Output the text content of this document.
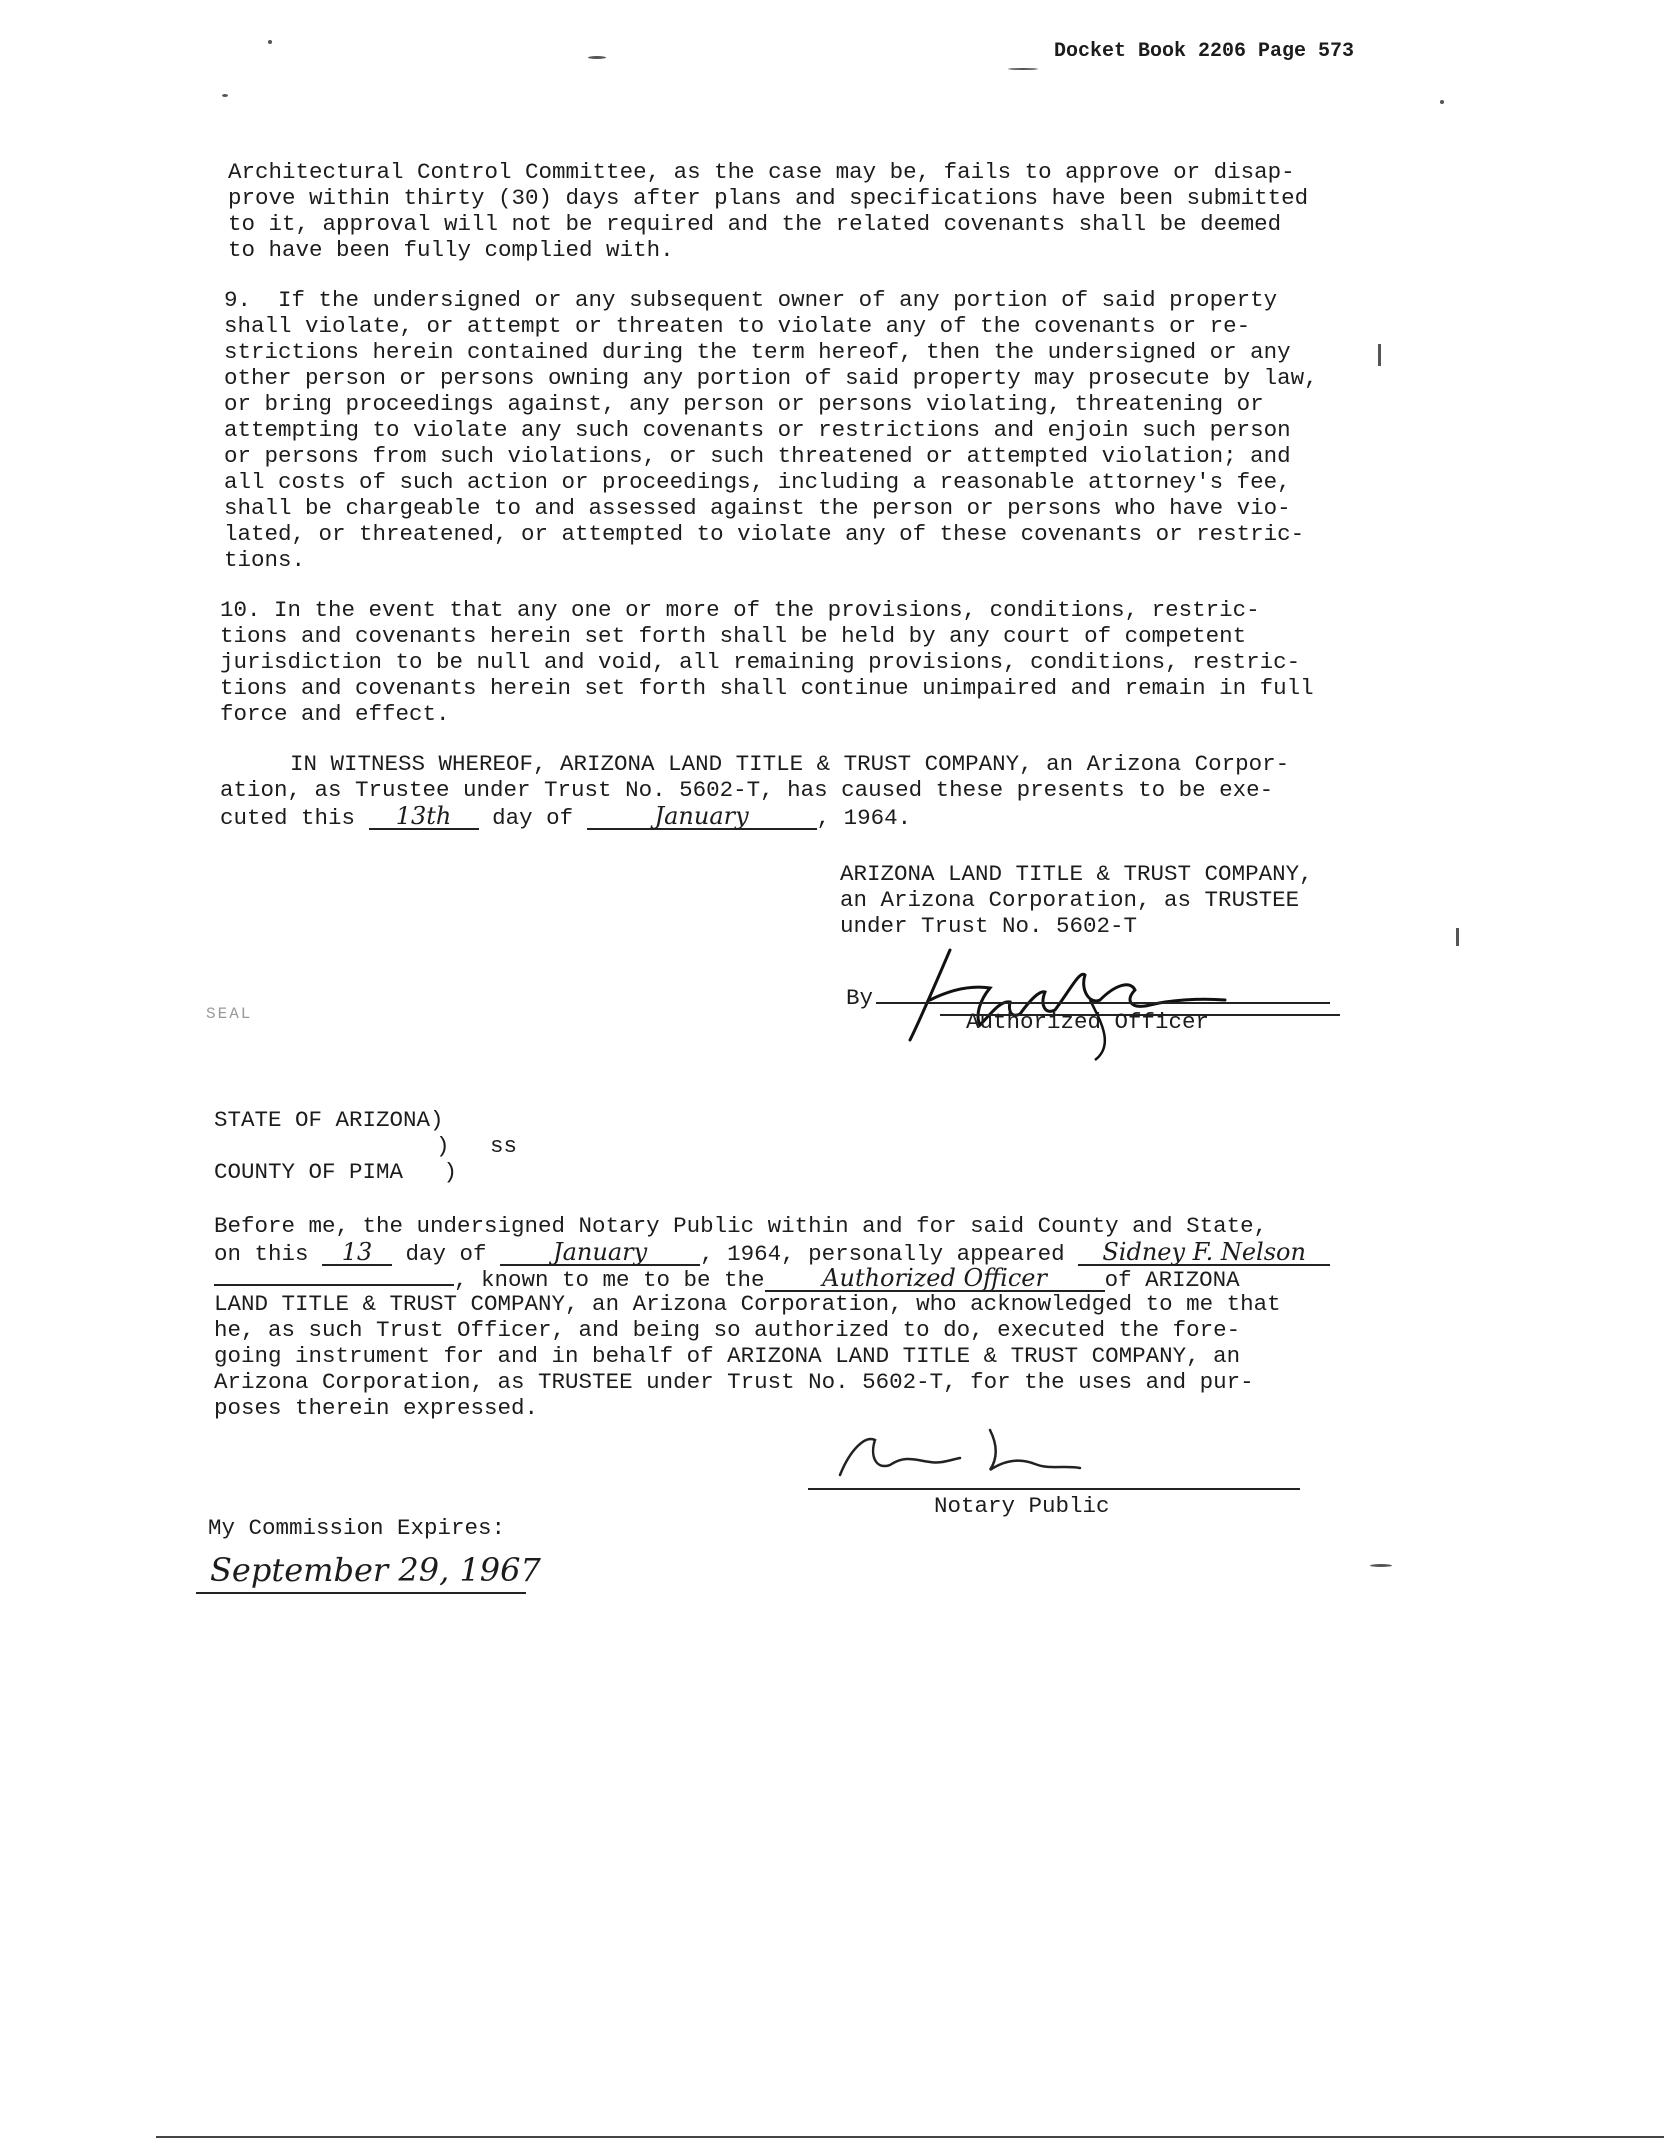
Docket Book 2206 Page 573
Architectural Control Committee, as the case may be, fails to approve or disap-
prove within thirty (30) days after plans and specifications have been submitted
to it, approval will not be required and the related covenants shall be deemed
to have been fully complied with.
9.  If the undersigned or any subsequent owner of any portion of said property
shall violate, or attempt or threaten to violate any of the covenants or re-
strictions herein contained during the term hereof, then the undersigned or any
other person or persons owning any portion of said property may prosecute by law,
or bring proceedings against, any person or persons violating, threatening or
attempting to violate any such covenants or restrictions and enjoin such person
or persons from such violations, or such threatened or attempted violation; and
all costs of such action or proceedings, including a reasonable attorney's fee,
shall be chargeable to and assessed against the person or persons who have vio-
lated, or threatened, or attempted to violate any of these covenants or restric-
tions.
10. In the event that any one or more of the provisions, conditions, restric-
tions and covenants herein set forth shall be held by any court of competent
jurisdiction to be null and void, all remaining provisions, conditions, restric-
tions and covenants herein set forth shall continue unimpaired and remain in full
force and effect.
IN WITNESS WHEREOF, ARIZONA LAND TITLE & TRUST COMPANY, an Arizona Corpor-
ation, as Trustee under Trust No. 5602-T, has caused these presents to be exe-
cuted this 13th day of	January	, 1964.
ARIZONA LAND TITLE & TRUST COMPANY,
an Arizona Corporation, as TRUSTEE
under Trust No. 5602-T
By
Authorized Officer
SEAL
STATE OF ARIZONA)
)   ss
COUNTY OF PIMA   )
Before me, the undersigned Notary Public within and for said County and State,
on this 13 day of	January , 1964, personally appeared Sidney F. Nelson
, known to me to be the Authorized Officer	of ARIZONA
LAND TITLE & TRUST COMPANY, an Arizona Corporation, who acknowledged to me that
he, as such Trust Officer, and being so authorized to do, executed the fore-
going instrument for and in behalf of ARIZONA LAND TITLE & TRUST COMPANY, an
Arizona Corporation, as TRUSTEE under Trust No. 5602-T, for the uses and pur-
poses therein expressed.
Notary Public
My Commission Expires:
September 29, 1967
